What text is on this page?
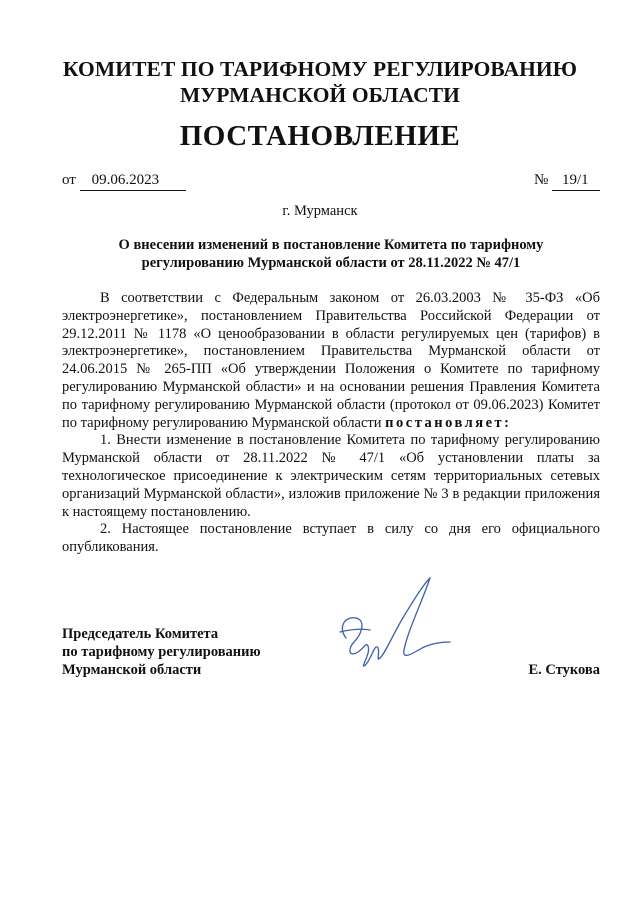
КОМИТЕТ ПО ТАРИФНОМУ РЕГУЛИРОВАНИЮ
МУРМАНСКОЙ ОБЛАСТИ
ПОСТАНОВЛЕНИЕ
от 09.06.2023	№ 19/1
г. Мурманск
О внесении изменений в постановление Комитета по тарифному
регулированию Мурманской области от 28.11.2022 № 47/1

В соответствии с Федеральным законом от 26.03.2003 № 35-ФЗ «Об электроэнергетике», постановлением Правительства Российской Федерации от 29.12.2011 № 1178 «О ценообразовании в области регулируемых цен (тарифов) в электроэнергетике», постановлением Правительства Мурманской области от 24.06.2015 № 265-ПП «Об утверждении Положения о Комитете по тарифному регулированию Мурманской области» и на основании решения Правления Комитета по тарифному регулированию Мурманской области (протокол от 09.06.2023) Комитет по тарифному регулированию Мурманской области постановляет:

1. Внести изменение в постановление Комитета по тарифному регулированию Мурманской области от 28.11.2022 № 47/1 «Об установлении платы за технологическое присоединение к электрическим сетям территориальных сетевых организаций Мурманской области», изложив приложение № 3 в редакции приложения к настоящему постановлению.

2. Настоящее постановление вступает в силу со дня его официального опубликования.

Председатель Комитета
по тарифному регулированию
Мурманской области	Е. Стукова
